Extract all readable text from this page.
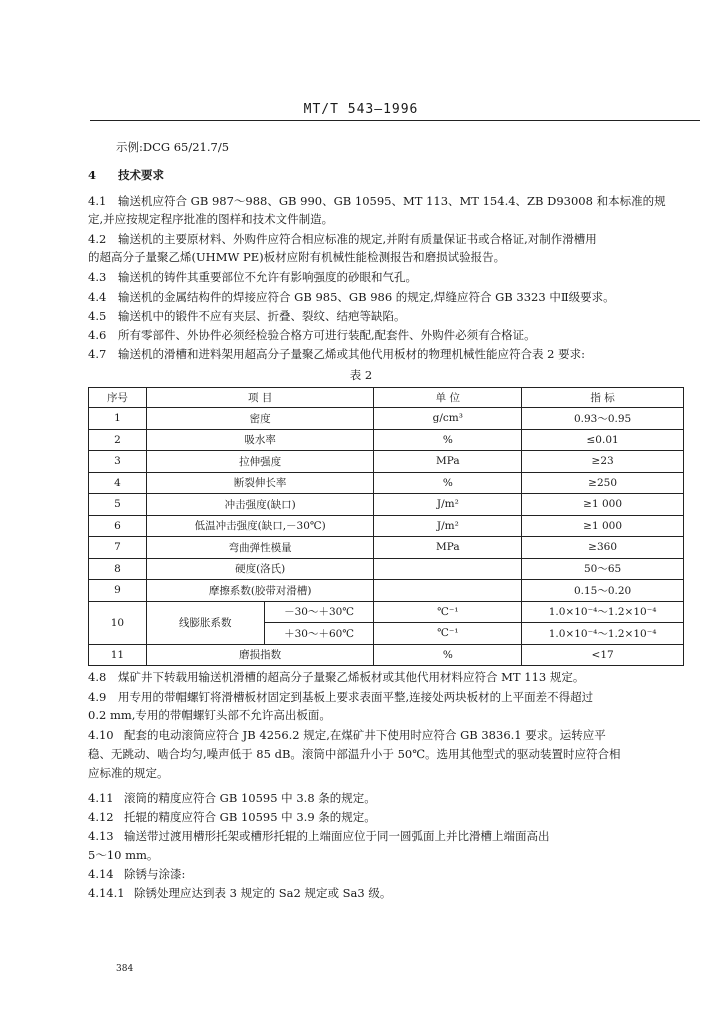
MT/T 543—1996
示例:DCG 65/21.7/5
4 技术要求
4.1 输送机应符合 GB 987～988、GB 990、GB 10595、MT 113、MT 154.4、ZB D93008 和本标准的规
定,并应按规定程序批准的图样和技术文件制造。
4.2 输送机的主要原材料、外购件应符合相应标准的规定,并附有质量保证书或合格证,对制作滑槽用
的超高分子量聚乙烯(UHMW PE)板材应附有机械性能检测报告和磨损试验报告。
4.3 输送机的铸件其重要部位不允许有影响强度的砂眼和气孔。
4.4 输送机的金属结构件的焊接应符合 GB 985、GB 986 的规定,焊缝应符合 GB 3323 中Ⅱ级要求。
4.5 输送机中的锻件不应有夹层、折叠、裂纹、结疤等缺陷。
4.6 所有零部件、外协件必须经检验合格方可进行装配,配套件、外购件必须有合格证。
4.7 输送机的滑槽和进料架用超高分子量聚乙烯或其他代用板材的物理机械性能应符合表 2 要求:
表 2
序号	项 目		单 位	指 标
1	密度		g/cm³	0.93～0.95
2	吸水率		%	≤0.01
3	拉伸强度		MPa	≥23
4	断裂伸长率		%	≥250
5	冲击强度(缺口)		J/m²	≥1 000
6	低温冲击强度(缺口,－30℃)		J/m²	≥1 000
7	弯曲弹性模量		MPa	≥360
8	硬度(洛氏)			50～65
9	摩擦系数(胶带对滑槽)			0.15～0.20
10	线膨胀系数	－30～＋30℃	℃⁻¹	1.0×10⁻⁴～1.2×10⁻⁴
		＋30～＋60℃	℃⁻¹	1.0×10⁻⁴～1.2×10⁻⁴
11	磨损指数		%	<17
4.8 煤矿井下转载用输送机滑槽的超高分子量聚乙烯板材或其他代用材料应符合 MT 113 规定。
4.9 用专用的带帽螺钉将滑槽板材固定到基板上要求表面平整,连接处两块板材的上平面差不得超过
0.2 mm,专用的带帽螺钉头部不允许高出板面。
4.10 配套的电动滚筒应符合 JB 4256.2 规定,在煤矿井下使用时应符合 GB 3836.1 要求。运转应平
稳、无跳动、啮合均匀,噪声低于 85 dB。滚筒中部温升小于 50℃。选用其他型式的驱动装置时应符合相
应标准的规定。
4.11 滚筒的精度应符合 GB 10595 中 3.8 条的规定。
4.12 托辊的精度应符合 GB 10595 中 3.9 条的规定。
4.13 输送带过渡用槽形托架或槽形托辊的上端面应位于同一圆弧面上并比滑槽上端面高出
5～10 mm。
4.14 除锈与涂漆:
4.14.1 除锈处理应达到表 3 规定的 Sa2 规定或 Sa3 级。
384
